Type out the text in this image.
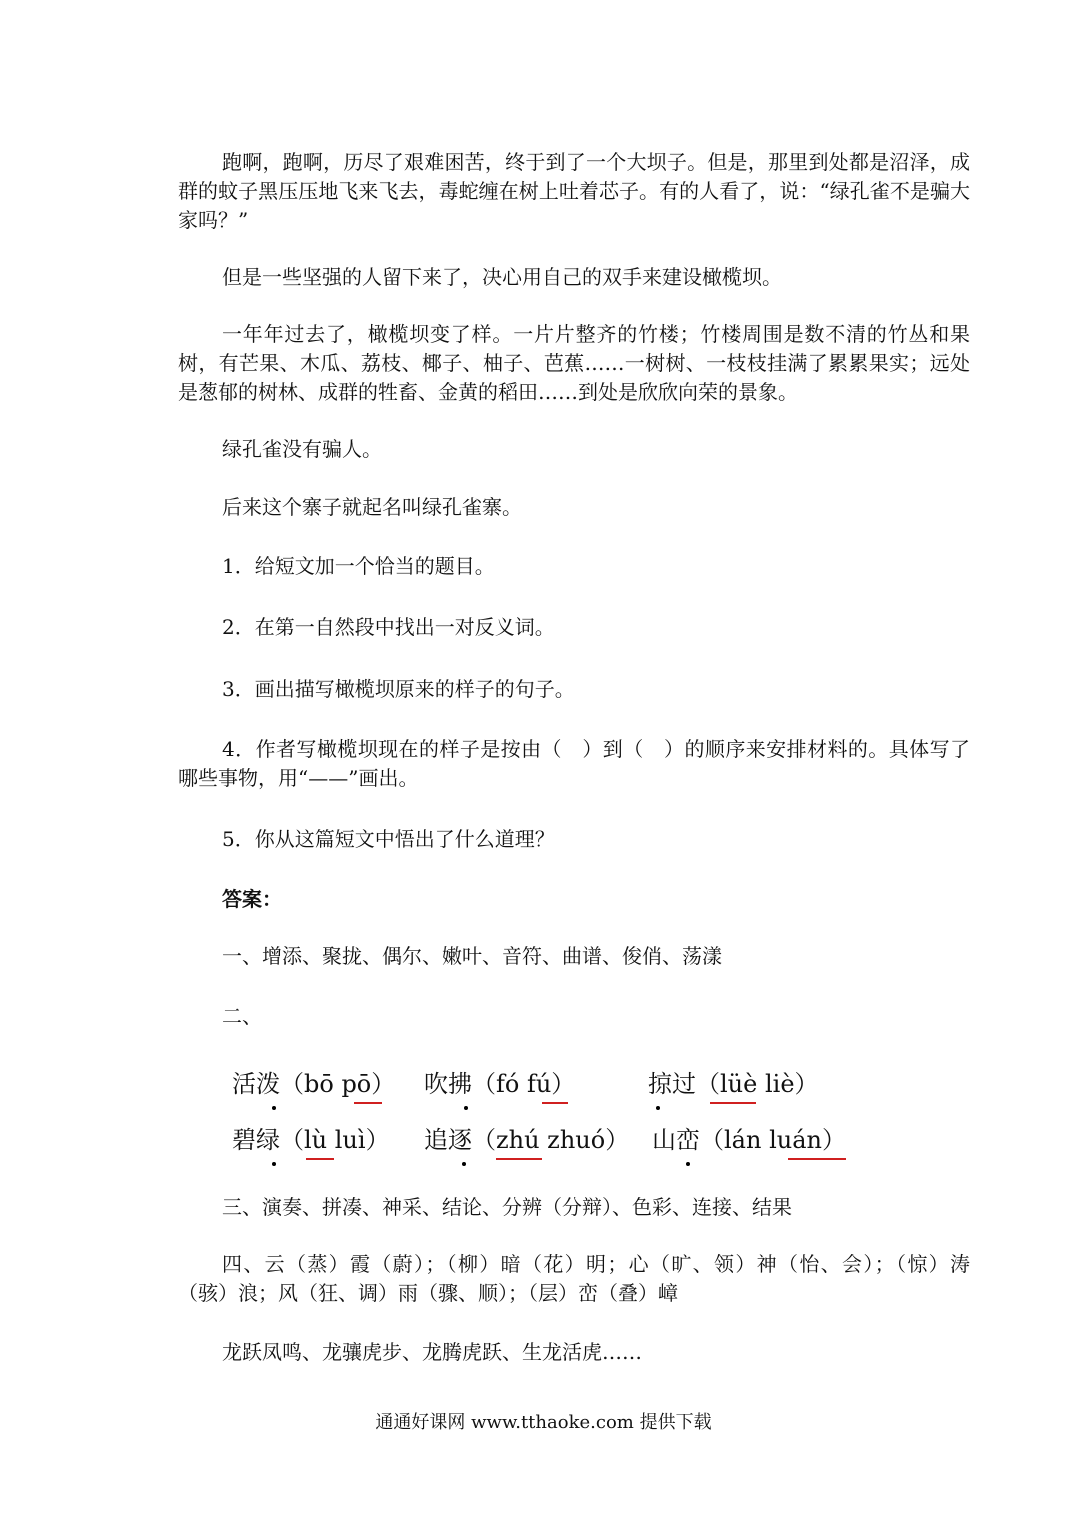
跑啊，跑啊，历尽了艰难困苦，终于到了一个大坝子。但是，那里到处都是沼泽，成群的蚊子黑压压地飞来飞去，毒蛇缠在树上吐着芯子。有的人看了，说：“绿孔雀不是骗大家吗？”

但是一些坚强的人留下来了，决心用自己的双手来建设橄榄坝。

一年年过去了，橄榄坝变了样。一片片整齐的竹楼；竹楼周围是数不清的竹丛和果树，有芒果、木瓜、荔枝、椰子、柚子、芭蕉……一树树、一枝枝挂满了累累果实；远处是葱郁的树林、成群的牲畜、金黄的稻田……到处是欣欣向荣的景象。

绿孔雀没有骗人。

后来这个寨子就起名叫绿孔雀寨。

1．给短文加一个恰当的题目。

2．在第一自然段中找出一对反义词。

3．画出描写橄榄坝原来的样子的句子。

4．作者写橄榄坝现在的样子是按由（　）到（　）的顺序来安排材料的。具体写了哪些事物，用“——”画出。

5．你从这篇短文中悟出了什么道理？

答案：

一、增添、聚拢、偶尔、嫩叶、音符、曲谱、俊俏、荡漾

二、

活泼（bō pō） 吹拂（fó fú）	掠过（lüè liè）
碧绿（lù luì） 追逐（zhú zhuó） 山峦（lán luán）

三、演奏、拼凑、神采、结论、分辨（分辩）、色彩、连接、结果

四、云（蒸）霞（蔚）；（柳）暗（花）明；心（旷、领）神（怡、会）；（惊）涛（骇）浪；风（狂、调）雨（骤、顺）；（层）峦（叠）嶂

龙跃凤鸣、龙骧虎步、龙腾虎跃、生龙活虎……

通通好课网 www.tthaoke.com 提供下载
